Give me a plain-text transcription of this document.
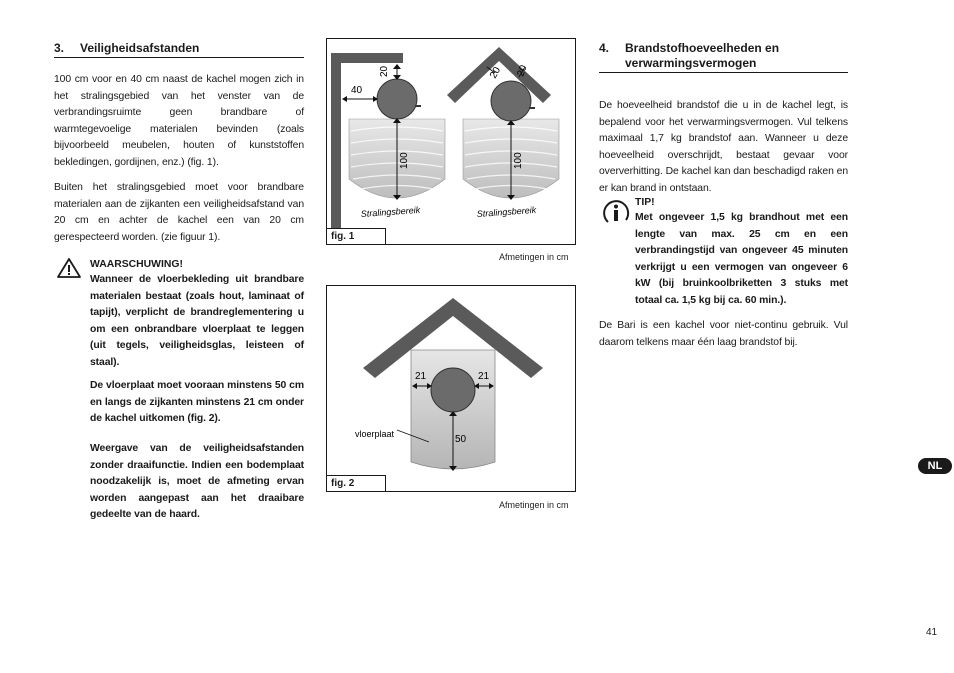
3. Veiligheidsafstanden
100 cm voor en 40 cm naast de kachel mogen zich in het stralingsgebied van het venster van de verbrandingsruimte geen brandbare of warmtegevoelige materialen bevinden (zoals bijvoorbeeld meubelen, houten of kunststoffen bekledingen, gordijnen, enz.) (fig. 1).
Buiten het stralingsgebied moet voor brandbare materialen aan de zijkanten een veiligheidsafstand van 20 cm en achter de kachel een van 20 cm gerespecteerd worden. (zie figuur 1).
WAARSCHUWING!
Wanneer de vloerbekleding uit brandbare materialen bestaat (zoals hout, laminaat of tapijt), verplicht de brandreglementering u om een onbrandbare vloerplaat te leggen (uit tegels, veiligheidsglas, leisteen of staal).
De vloerplaat moet vooraan minstens 50 cm en langs de zijkanten minstens 21 cm onder de kachel uitkomen (fig. 2).
Weergave van de veiligheidsafstanden zonder draaifunctie. Indien een bodemplaat noodzakelijk is, moet de afmeting ervan worden aangepast aan het draaibare gedeelte van de haard.
20
40
100
Stralingsbereik
20 20
100
Stralingsbereik
fig. 1
Afmetingen in cm
21	21
50
vloerplaat
fig. 2
Afmetingen in cm
4. Brandstofhoeveelheden en
verwarmingsvermogen
De hoeveelheid brandstof die u in de kachel legt, is bepalend voor het verwarmingsvermogen. Vul telkens maximaal 1,7 kg brandstof aan. Wanneer u deze hoeveelheid overschrijdt, bestaat gevaar voor oververhitting. De kachel kan dan beschadigd raken en er kan brand in ontstaan.
TIP!
Met ongeveer 1,5 kg brandhout met een lengte van max. 25 cm en een verbrandingstijd van ongeveer 45 minuten verkrijgt u een vermogen van ongeveer 6 kW (bij bruinkoolbriketten 3 stuks met totaal ca. 1,5 kg bij ca. 60 min.).
De Bari is een kachel voor niet-continu gebruik. Vul daarom telkens maar één laag brandstof bij.
NL
41
